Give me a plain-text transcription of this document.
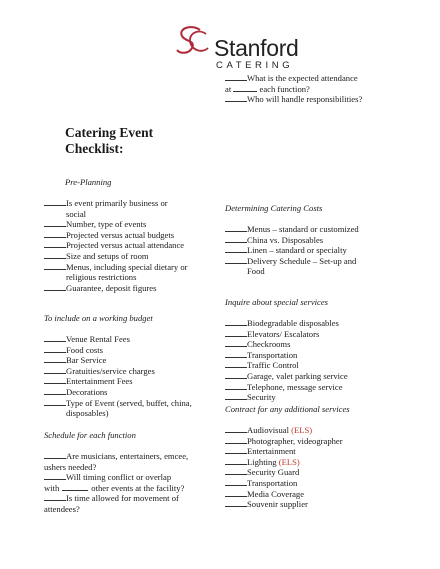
Stanford
CATERING
What is the expected attendance
at	each function?
Who will handle responsibilities?
Catering Event
Checklist:
Pre-Planning
Is event primarily business or
social
Number, type of events
Projected versus actual budgets
Projected versus actual attendance
Size and setups of room
Menus, including special dietary or
religious restrictions
Guarantee, deposit figures
To include on a working budget
Venue Rental Fees
Food costs
Bar Service
Gratuities/service charges
Entertainment Fees
Decorations
Type of Event (served, buffet, china,
disposables)
Schedule for each function
Are musicians, entertainers, emcee,
ushers needed?
Will timing conflict or overlap
with	other events at the facility?
Is time allowed for movement of
attendees?
Determining Catering Costs
Menus – standard or customized
China vs. Disposables
Linen – standard or specialty
Delivery Schedule – Set-up and
Food
Inquire about special services
Biodegradable disposables
Elevators/ Escalators
Checkrooms
Transportation
Traffic Control
Garage, valet parking service
Telephone, message service
Security
Contract for any additional services
Audiovisual (ELS)
Photographer, videographer
Entertainment
Lighting (ELS)
Security Guard
Transportation
Media Coverage
Souvenir supplier
